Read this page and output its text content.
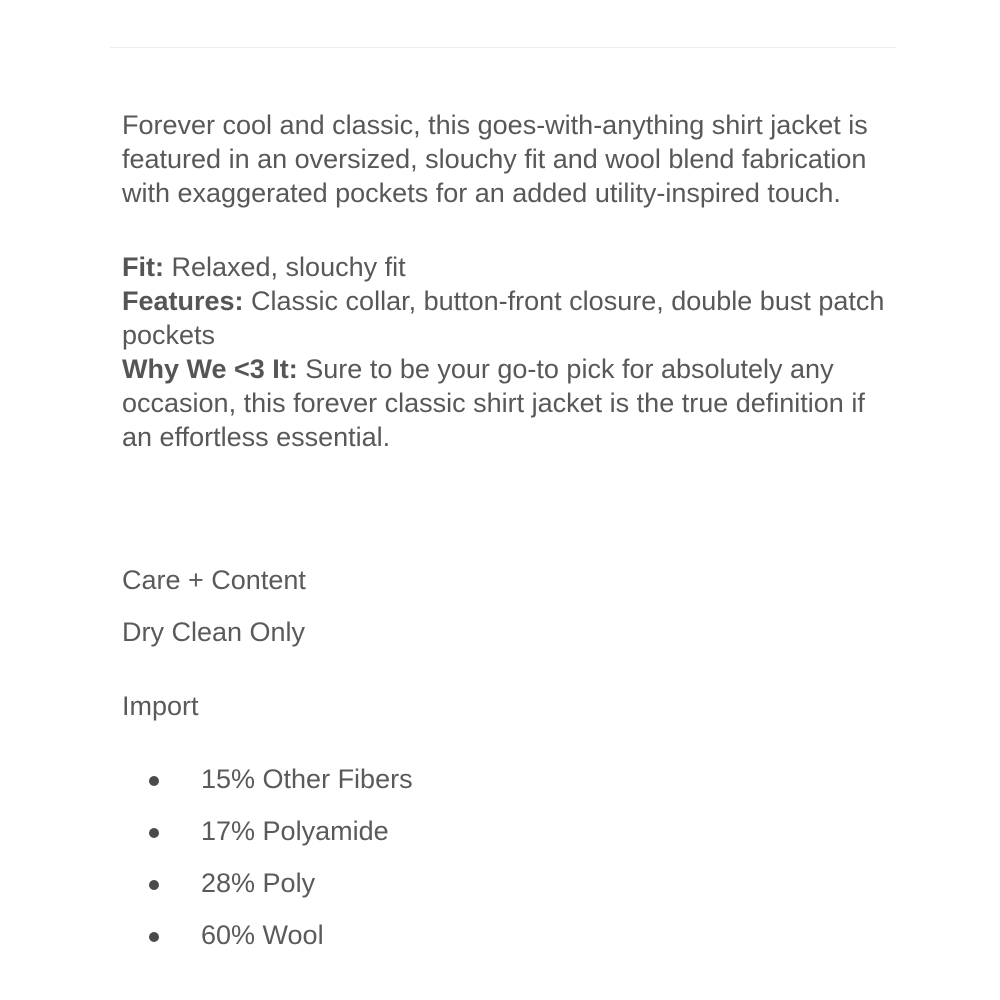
Forever cool and classic, this goes-with-anything shirt jacket is featured in an oversized, slouchy fit and wool blend fabrication with exaggerated pockets for an added utility-inspired touch.

Fit: Relaxed, slouchy fit
Features: Classic collar, button-front closure, double bust patch pockets
Why We <3 It: Sure to be your go-to pick for absolutely any occasion, this forever classic shirt jacket is the true definition if an effortless essential.
Care + Content
Dry Clean Only
Import
15% Other Fibers
17% Polyamide
28% Poly
60% Wool
